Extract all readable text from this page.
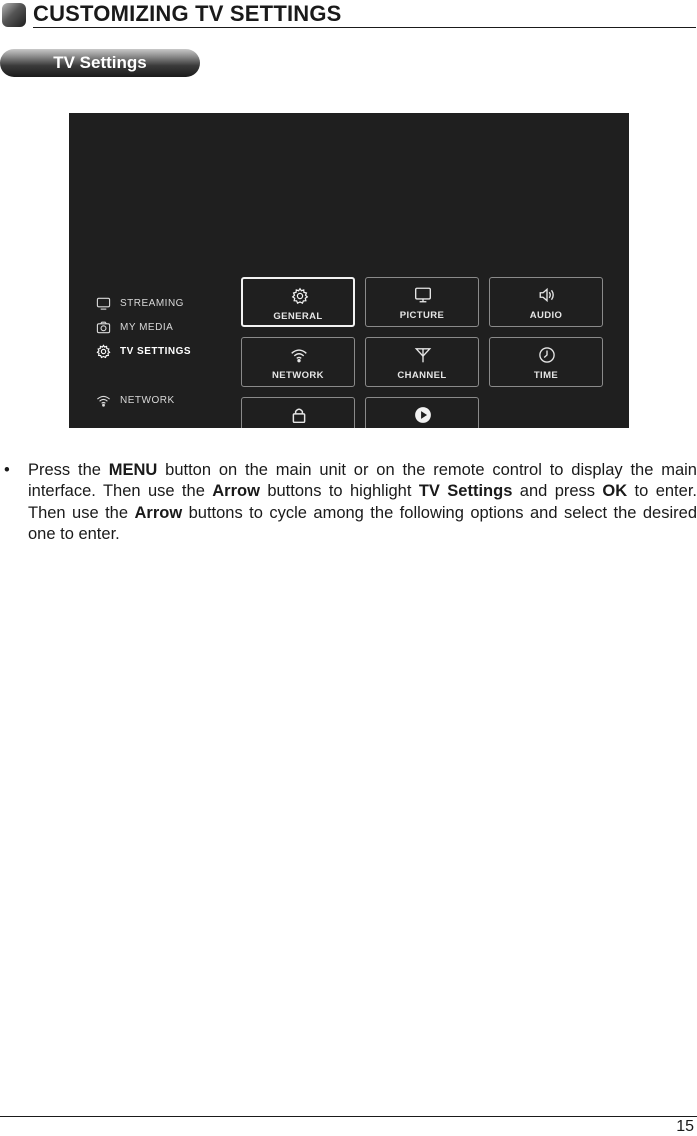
CUSTOMIZING TV SETTINGS
TV Settings
STREAMING
MY MEDIA
TV SETTINGS
NETWORK
GENERAL	PICTURE	AUDIO
NETWORK	CHANNEL	TIME
• Press the MENU button on the main unit or on the remote control to display the main interface. Then use the Arrow buttons to highlight TV Settings and press OK to enter. Then use the Arrow buttons to cycle among the following options and select the desired one to enter.
15
